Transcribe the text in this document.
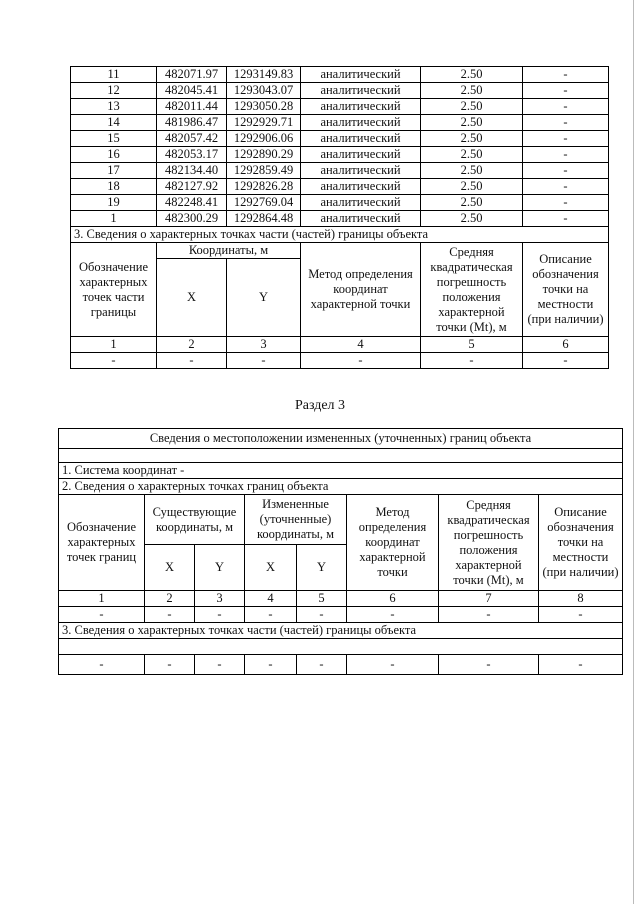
11	482071.97	1293149.83	аналитический	2.50	-
12	482045.41	1293043.07	аналитический	2.50	-
13	482011.44	1293050.28	аналитический	2.50	-
14	481986.47	1292929.71	аналитический	2.50	-
15	482057.42	1292906.06	аналитический	2.50	-
16	482053.17	1292890.29	аналитический	2.50	-
17	482134.40	1292859.49	аналитический	2.50	-
18	482127.92	1292826.28	аналитический	2.50	-
19	482248.41	1292769.04	аналитический	2.50	-
1	482300.29	1292864.48	аналитический	2.50	-
3. Сведения о характерных точках части (частей) границы объекта					
Обозначение характерных точек части границы	Координаты, м		Метод определения координат характерной точки	Средняя квадратическая погрешность положения характерной точки (Mt), м	Описание обозначения точки на местности (при наличии)
	X	Y			
1	2	3	4	5	6
-	-	-	-	-	-
Раздел 3
Сведения о местоположении измененных (уточненных) границ объекта							

1. Система координат -							
2. Сведения о характерных точках границ объекта							
Обозначение характерных точек границ	Существующие координаты, м		Измененные (уточненные) координаты, м		Метод определения координат характерной точки	Средняя квадратическая погрешность положения характерной точки (Mt), м	Описание обозначения точки на местности (при наличии)
	X	Y	X	Y			
1	2	3	4	5	6	7	8
-	-	-	-	-	-	-	-
3. Сведения о характерных точках части (частей) границы объекта							

-	-	-	-	-	-	-	-
